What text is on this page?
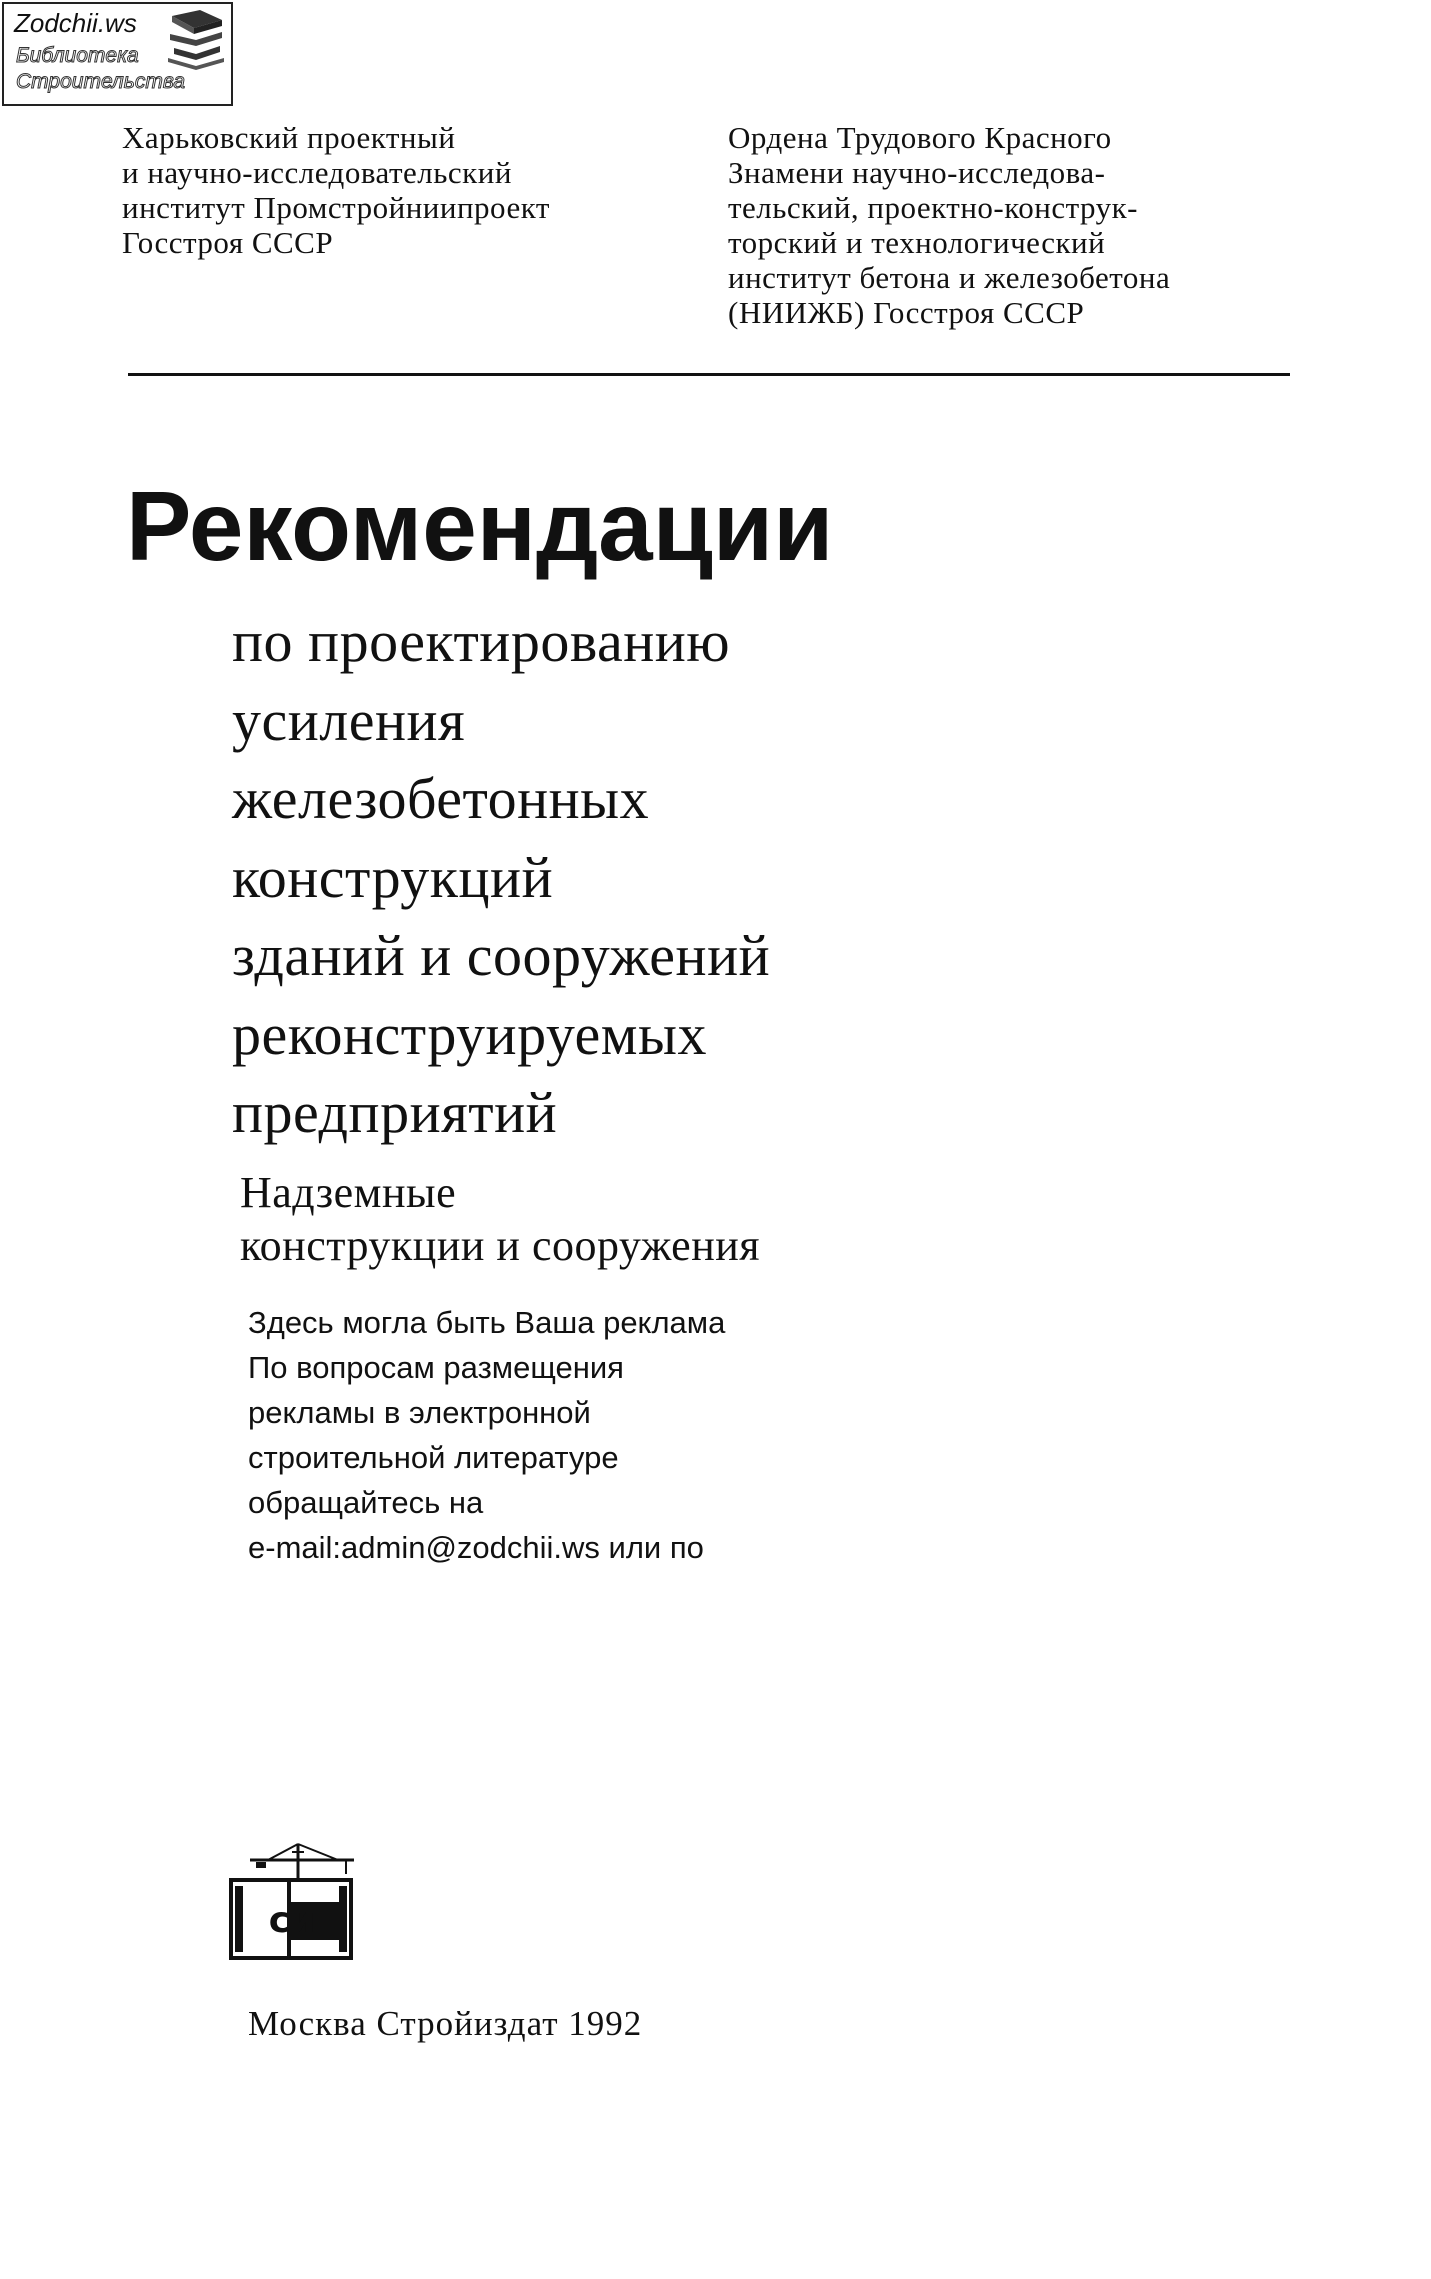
Zodchii.ws
Библиотека
Строительства
Харьковский проектный
и научно-исследовательский
институт Промстройниипроект
Госстроя СССР
Ордена Трудового Красного
Знамени научно-исследова-
тельский, проектно-конструк-
торский и технологический
институт бетона и железобетона
(НИИЖБ) Госстроя СССР
Рекомендации
по проектированию
усиления
железобетонных
конструкций
зданий и сооружений
реконструируемых
предприятий
Надземные
конструкции и сооружения
Здесь могла быть Ваша реклама
По вопросам размещения
рекламы в электронной
строительной литературе
обращайтесь на
e-mail:admin@zodchii.ws или по
си
Москва Стройиздат 1992
